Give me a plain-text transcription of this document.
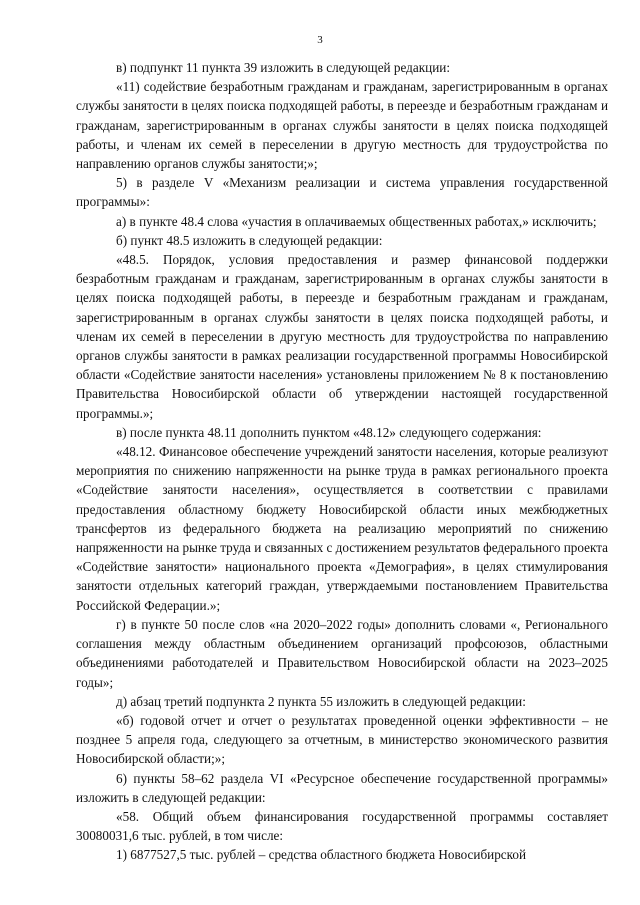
3

в) подпункт 11 пункта 39 изложить в следующей редакции:

«11) содействие безработным гражданам и гражданам, зарегистрированным в органах службы занятости в целях поиска подходящей работы, в переезде и безработным гражданам и гражданам, зарегистрированным в органах службы занятости в целях поиска подходящей работы, и членам их семей в переселении в другую местность для трудоустройства по направлению органов службы занятости;»;

5) в разделе V «Механизм реализации и система управления государственной программы»:

а) в пункте 48.4 слова «участия в оплачиваемых общественных работах,» исключить;

б) пункт 48.5 изложить в следующей редакции:

«48.5. Порядок, условия предоставления и размер финансовой поддержки безработным гражданам и гражданам, зарегистрированным в органах службы занятости в целях поиска подходящей работы, в переезде и безработным гражданам и гражданам, зарегистрированным в органах службы занятости в целях поиска подходящей работы, и членам их семей в переселении в другую местность для трудоустройства по направлению органов службы занятости в рамках реализации государственной программы Новосибирской области «Содействие занятости населения» установлены приложением № 8 к постановлению Правительства Новосибирской области об утверждении настоящей государственной программы.»;

в) после пункта 48.11 дополнить пунктом «48.12» следующего содержания:

«48.12. Финансовое обеспечение учреждений занятости населения, которые реализуют мероприятия по снижению напряженности на рынке труда в рамках регионального проекта «Содействие занятости населения», осуществляется в соответствии с правилами предоставления областному бюджету Новосибирской области иных межбюджетных трансфертов из федерального бюджета на реализацию мероприятий по снижению напряженности на рынке труда и связанных с достижением результатов федерального проекта «Содействие занятости» национального проекта «Демография», в целях стимулирования занятости отдельных категорий граждан, утверждаемыми постановлением Правительства Российской Федерации.»;

г) в пункте 50 после слов «на 2020–2022 годы» дополнить словами «, Регионального соглашения между областным объединением организаций профсоюзов, областными объединениями работодателей и Правительством Новосибирской области на 2023–2025 годы»;

д) абзац третий подпункта 2 пункта 55 изложить в следующей редакции:

«б) годовой отчет и отчет о результатах проведенной оценки эффективности – не позднее 5 апреля года, следующего за отчетным, в министерство экономического развития Новосибирской области;»;

6) пункты 58–62 раздела VI «Ресурсное обеспечение государственной программы» изложить в следующей редакции:

«58. Общий объем финансирования государственной программы составляет 30080031,6 тыс. рублей, в том числе:

1) 6877527,5 тыс. рублей – средства областного бюджета Новосибирской
